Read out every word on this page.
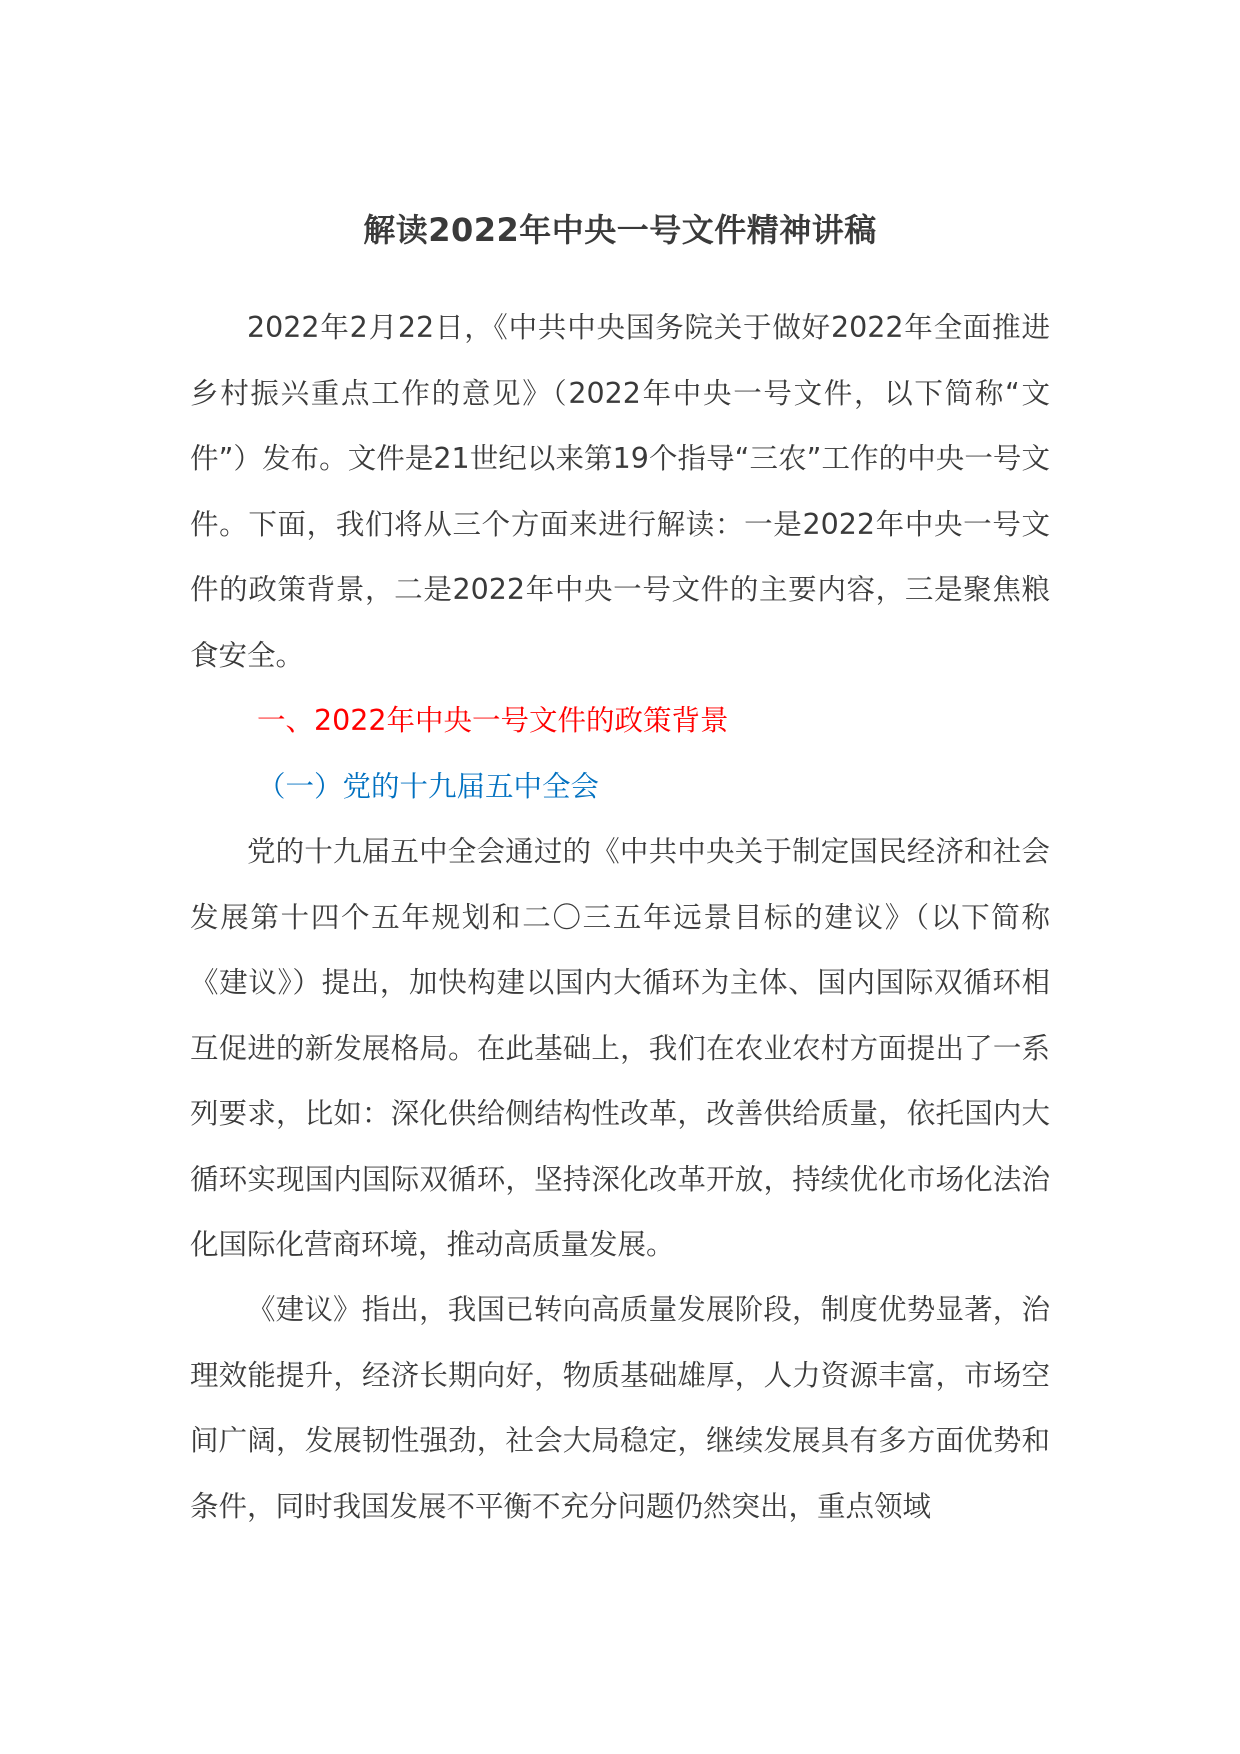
解读2022年中央一号文件精神讲稿

2022年2月22日，《中共中央国务院关于做好2022年全面推进乡村振兴重点工作的意见》（2022年中央一号文件，以下简称“文件”）发布。文件是21世纪以来第19个指导“三农”工作的中央一号文件。下面，我们将从三个方面来进行解读：一是2022年中央一号文件的政策背景，二是2022年中央一号文件的主要内容，三是聚焦粮食安全。

一、2022年中央一号文件的政策背景

（一）党的十九届五中全会

党的十九届五中全会通过的《中共中央关于制定国民经济和社会发展第十四个五年规划和二〇三五年远景目标的建议》（以下简称《建议》）提出，加快构建以国内大循环为主体、国内国际双循环相互促进的新发展格局。在此基础上，我们在农业农村方面提出了一系列要求，比如：深化供给侧结构性改革，改善供给质量，依托国内大循环实现国内国际双循环，坚持深化改革开放，持续优化市场化法治化国际化营商环境，推动高质量发展。

《建议》指出，我国已转向高质量发展阶段，制度优势显著，治理效能提升，经济长期向好，物质基础雄厚，人力资源丰富，市场空间广阔，发展韧性强劲，社会大局稳定，继续发展具有多方面优势和条件，同时我国发展不平衡不充分问题仍然突出，重点领域
